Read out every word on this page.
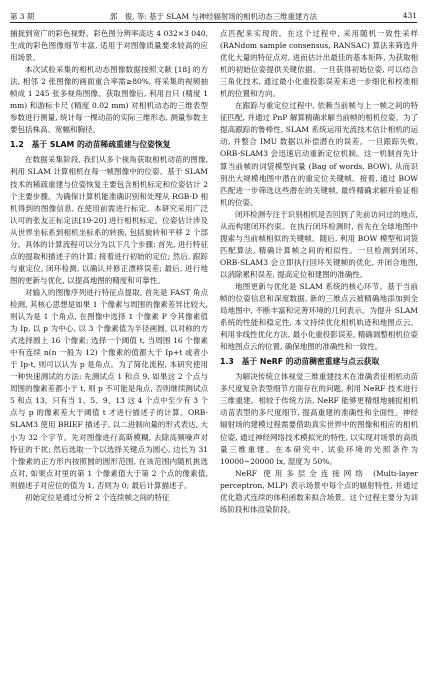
第 3 期	郭　俊, 等: 基于 SLAM 与神经辐射场的相机动态三维重建方法	431

捕捉到宽广的彩色视野。彩色图分辨率高达 4 032×3 040, 生成的彩色图像细节丰富, 适用于对图像质量要求较高的应用场景。

本次试验采集的相机动态图像数据按照文献 [18] 的方法, 相邻 2 张图像的画面重合率需≥80%, 将采集的视频抽帧成 1 245 张多视角图像。获取图像后, 利用自只 (精度 1 mm) 和游标卡尺 (精度 0.02 mm) 对相机动态的三维表型参数进行测量, 统计每一棵动苗的实际三维形态, 测量参数主要包括株高、宽幅和胸径。

1.2　基于 SLAM 的动苗稀疏重建与位姿恢复

在数据采集阶段, 我们从多个视角获取相机动苗的图像, 利用 SLAM 计算相机在每一帧图像中的位姿。基于 SLAM 技术的稀疏重建与位姿恢复主要包含相机标定和位姿估计 2 个主要步骤。为确保计算机能准确识别和处理从 RGB-D 相机得到的图像信息, 在使用前需进行标定。本研究采用广泛认可的张友正标定法[19-20] 进行相机标定。位姿估计涉及从世界坐标系到相机坐标系的转换, 包括旋转和平移 2 个部分。具体的计算流程可以分为以下几个步骤: 首先, 进行特征点的提取和描述子的计算; 接着进行初始的定位; 然后, 跟踪与重定位, 闭环检测, 以确认并修正漂移误差; 最后, 进行地图的更新与优化, 以提高地图的精度和可靠性。

对输入的图像序列进行特征点提取, 首先是 FAST 角点检测, 其核心思想是如果 1 个像素与周围的像素差异比较大, 则认为是 1 个角点, 在图像中选择 1 个像素 P 令其像素值为 Ip, 以 p 为中心, 以 3 个像素值为半径画圆, 以对称的方式选择圆上 16 个像素; 选择一个阈值 t, 当周围 16 个像素中有连续 n(n 一般为 12) 个像素的值都大于 Ip+t 或者小于 Ip-t, 则可以认为 p 是角点。为了简化流程, 本研究使用一种快速测试的方法: 先测试点 1 和点 9, 如果这 2 个点与周围的像素差都小于 t, 则 p 不可能是角点, 否则继续测试点 5 和点 13。只有当 1、5、9、13 这 4 个点中至少有 3 个点与 p 的像素差大于阈值 t 才进行描述子的计算。ORB-SLAM3 使用 BRIEF 描述子, 以二进制向量的形式表达, 大小为 32 个字节。先对图像进行高斯模糊, 去除高频噪声对特征的干扰; 然后选取一个以选择关键点为圆心, 边长为 31 个像素的正方形内按照圆的圆形范围, 在该范围内随机挑选点对, 如果点对里的第 1 个像素值大于第 2 个点的像素值, 则描述子对应位的值为 1, 否则为 0; 最后计算描述子。

初始定位是通过分析 2 个连续帧之间的特征

点匹配来实现的。在这个过程中, 采用随机一致性采样 (RANdom sample consensus, RANSAC) 算法来筛选并优化大量的特征点对, 进而估计出最佳的基本矩阵, 为获取相机的初始位姿提供关键依据。一旦获得初始位姿, 可以结合三角化技术, 通过最小化重投影误差来进一步细化和校准相机的位置和方向。

在跟踪与重定位过程中, 依赖当前帧与上一帧之间的特征匹配, 并通过 PnP 解算精确求解当前帧的相机位姿。为了提高跟踪的鲁棒性, SLAM 系统运用光流技术估计相机的运动, 并整合 IMU 数据以补偿潜在的误差。一旦跟踪失败, ORB-SLAM3 会迅速启动重新定位机制。这一机制首先计算当前帧的词袋模型向量 (Bag of words, BOW), 从而识别出大规模地图中潜在的重定位关键帧。接着, 通过 BOW 匹配进一步筛选这些潜在的关键帧, 最终精确求解并验证相机的位姿。

闭环检测专注于识别相机是否回到了先前访问过的地点, 从而构建闭环约束。在执行闭环检测时, 首先在全球地图中搜索与当前帧相似的关键帧。随后, 利用 BOW 模型和词袋匹配算法, 精确计算帧之间的相似性。一旦检测到闭环, ORB-SLAM3 会立即执行回环关键帧的优化, 并闭合地图, 以消除累积误差, 提高定位和建图的准确性。

地图更新与优化是 SLAM 系统的核心环节。基于当前帧的位姿信息和深度数据, 新的三维点云被精确地添加到全局地图中, 不断丰富和完善环境的几何表示。为提升 SLAM 系统的性能和稳定性, 本文持续优化相机轨迹和地图点云。利用非线性优化方法, 最小化重投影误差, 精确调整相机位姿和地图点云的位置, 确保地图的准确性和一致性。

1.3　基于 NeRF 的动苗稠密重建与点云获取

为解决传统立体视觉三维重建技术在准确表征相机动苗多尺度复杂表型细节方面存在的问题, 利用 NeRF 技术进行三维重建。相较于传统方法, NeRF 能够更精细地捕捉相机动苗表型的多尺度细节, 提高重建的准确性和全面性。神经辐射场的建模过程需要借助真实世界中的图像和相应的相机位姿, 通过神经网络技术模拟光的特性, 以实现对场景的高质量三维重建。在本研究中, 试验环境的光照条件为 10000~20000 lx, 湿度为 50%。

NeRF 使用多层全连接网络 (Multi-layer perceptron, MLP) 表示场景中每个点的辐射特性, 并通过优化隐式连续的体积函数来拟合场景。这个过程主要分为训练阶段和体渲染阶段。
